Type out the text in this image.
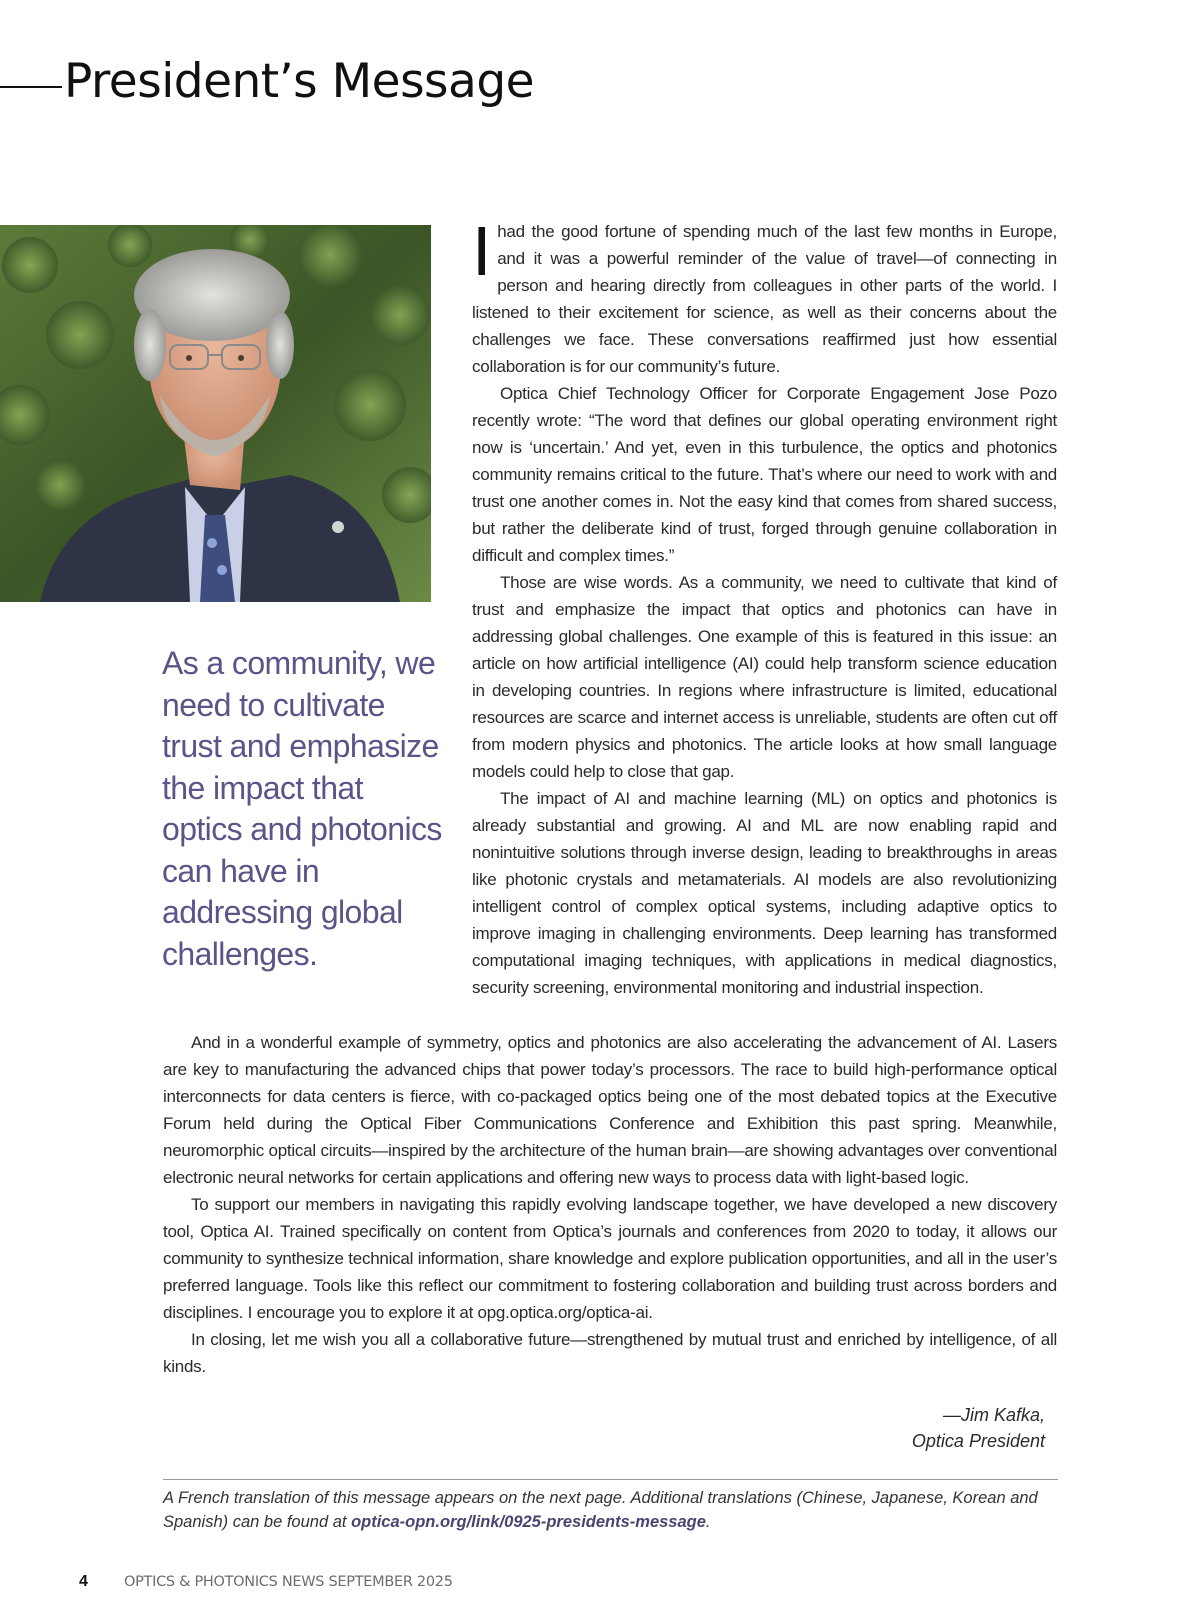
President’s Message
As a community, we need to cultivate trust and emphasize the impact that optics and photonics can have in addressing global challenges.

Ihad the good fortune of spending much of the last few months in Europe, and it was a powerful reminder of the value of travel—of connecting in person and hearing directly from colleagues in other parts of the world. I listened to their excitement for science, as well as their concerns about the challenges we face. These conversations reaffirmed just how essential collaboration is for our community’s future.

Optica Chief Technology Officer for Corporate Engagement Jose Pozo recently wrote: “The word that defines our global operating environment right now is ‘uncertain.’ And yet, even in this turbulence, the optics and photonics community remains critical to the future. That’s where our need to work with and trust one another comes in. Not the easy kind that comes from shared success, but rather the deliberate kind of trust, forged through genuine collaboration in difficult and complex times.”

Those are wise words. As a community, we need to cultivate that kind of trust and emphasize the impact that optics and photonics can have in addressing global challenges. One example of this is featured in this issue: an article on how artificial intelligence (AI) could help transform science education in developing countries. In regions where infrastructure is limited, educational resources are scarce and internet access is unreliable, students are often cut off from modern physics and photonics. The article looks at how small language models could help to close that gap.

The impact of AI and machine learning (ML) on optics and photonics is already substantial and growing. AI and ML are now enabling rapid and nonintuitive solutions through inverse design, leading to breakthroughs in areas like photonic crystals and metamaterials. AI models are also revolutionizing intelligent control of complex optical systems, including adaptive optics to improve imaging in challenging environments. Deep learning has transformed computational imaging techniques, with applications in medical diagnostics, security screening, environmental monitoring and industrial inspection.

And in a wonderful example of symmetry, optics and photonics are also accelerating the advancement of AI. Lasers are key to manufacturing the advanced chips that power today’s processors. The race to build high-performance optical interconnects for data centers is fierce, with co-packaged optics being one of the most debated topics at the Executive Forum held during the Optical Fiber Communications Conference and Exhibition this past spring. Meanwhile, neuromorphic optical circuits—inspired by the architecture of the human brain—are showing advantages over conventional electronic neural networks for certain applications and offering new ways to process data with light-based logic.

To support our members in navigating this rapidly evolving landscape together, we have developed a new discovery tool, Optica AI. Trained specifically on content from Optica’s journals and conferences from 2020 to today, it allows our community to synthesize technical information, share knowledge and explore publication opportunities, and all in the user’s preferred language. Tools like this reflect our commitment to fostering collaboration and building trust across borders and disciplines. I encourage you to explore it at opg.optica.org/optica-ai.

In closing, let me wish you all a collaborative future—strengthened by mutual trust and enriched by intelligence, of all kinds.

—Jim Kafka,
Optica President
A French translation of this message appears on the next page. Additional translations (Chinese, Japanese, Korean and Spanish) can be found at optica-opn.org/link/0925-presidents-message.
4 OPTICS & PHOTONICS NEWS SEPTEMBER 2025
